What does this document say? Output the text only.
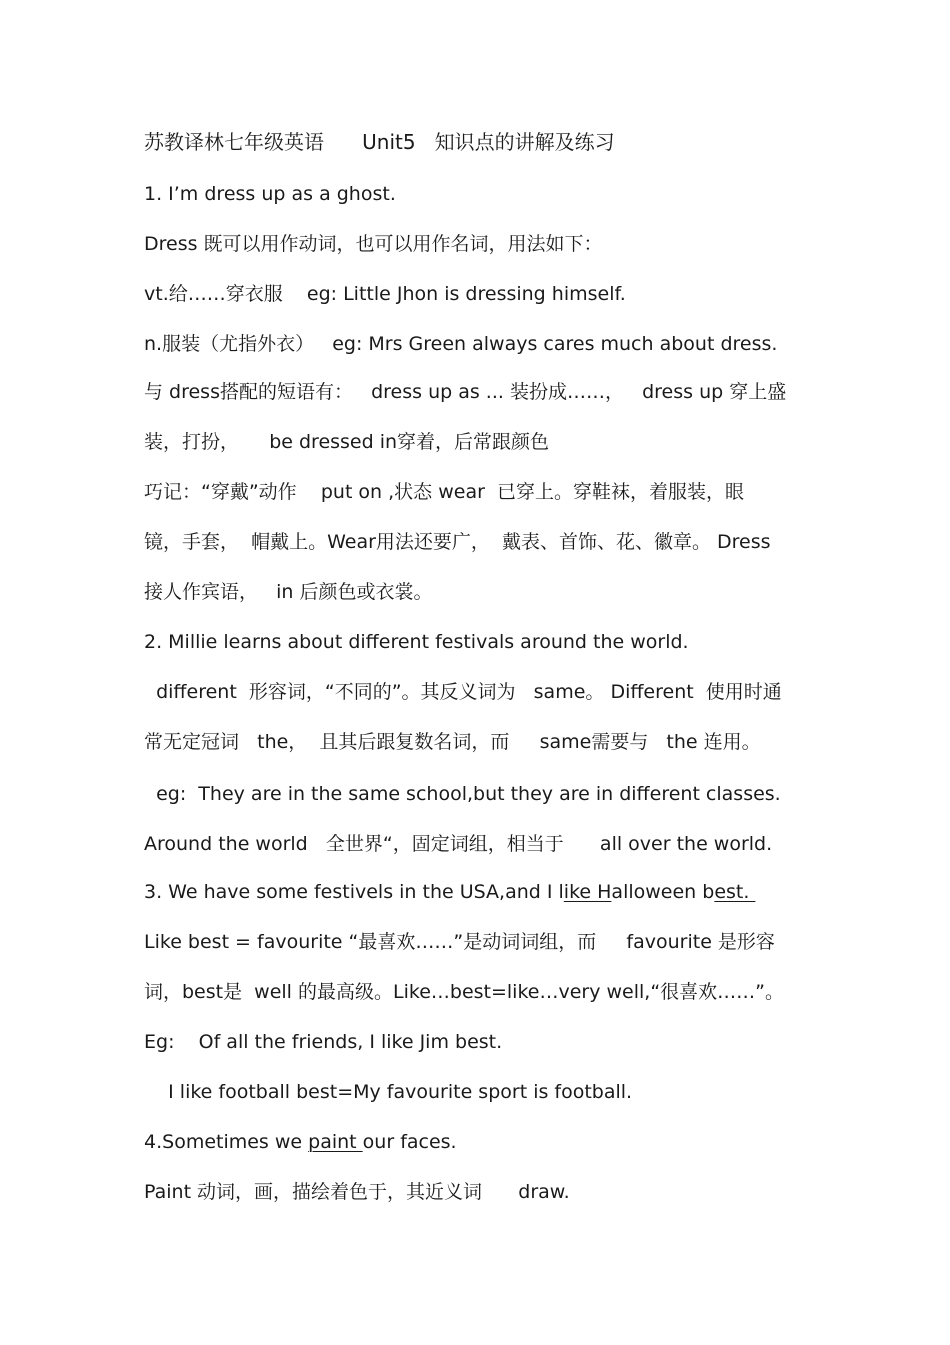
苏教译林七年级英语      Unit5   知识点的讲解及练习
1. I’m dress up as a ghost.
Dress 既可以用作动词，也可以用作名词，用法如下：
vt.给……穿衣服    eg: Little Jhon is dressing himself.
n.服装（尤指外衣）   eg: Mrs Green always cares much about dress.
与 dress搭配的短语有：   dress up as ... 装扮成……，   dress up 穿上盛
装，打扮，     be dressed in穿着，后常跟颜色
巧记：“穿戴”动作    put on ,状态 wear  已穿上。穿鞋袜，着服装，眼
镜，手套，  帽戴上。Wear用法还要广，  戴表、首饰、花、徽章。 Dress
接人作宾语，   in 后颜色或衣裳。
2. Millie learns about different festivals around the world.
different  形容词，“不同的”。其反义词为   same。 Different  使用时通
常无定冠词   the，  且其后跟复数名词，而     same需要与   the 连用。
eg:  They are in the same school,but they are in different classes.
Around the world   全世界“，固定词组，相当于      all over the world.
3. We have some festivels in the USA,and I like Halloween best.
Like best = favourite “最喜欢……”是动词词组，而     favourite 是形容
词，best是  well 的最高级。Like…best=like…very well,“很喜欢……”。
Eg:    Of all the friends, I like Jim best.
I like football best=My favourite sport is football.
4.Sometimes we paint our faces.
Paint 动词，画，描绘着色于，其近义词      draw.
